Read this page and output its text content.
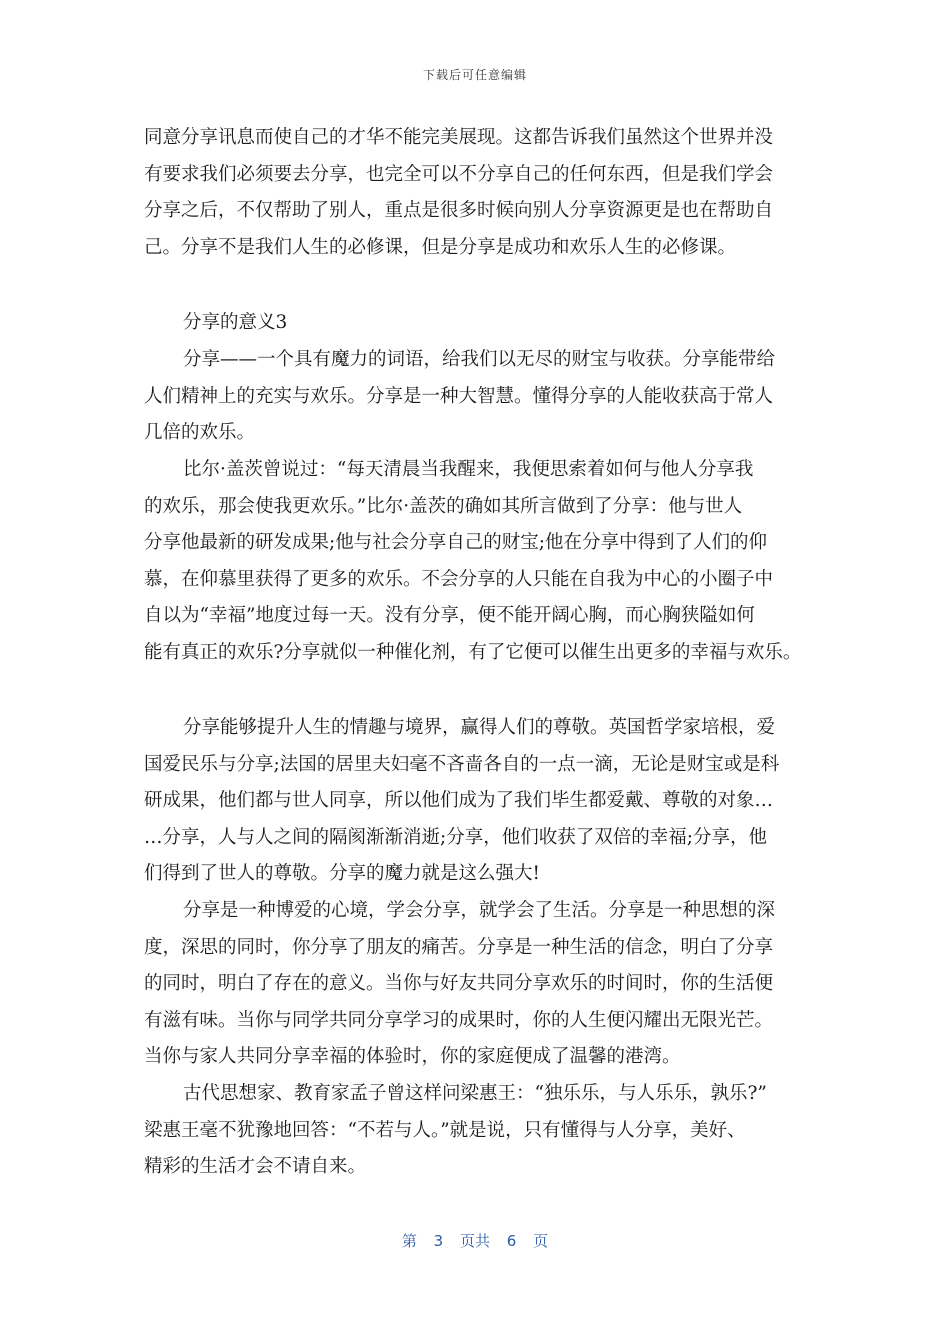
下载后可任意编辑

同意分享讯息而使自己的才华不能完美展现。这都告诉我们虽然这个世界并没

有要求我们必须要去分享，也完全可以不分享自己的任何东西，但是我们学会

分享之后，不仅帮助了别人，重点是很多时候向别人分享资源更是也在帮助自

己。分享不是我们人生的必修课，但是分享是成功和欢乐人生的必修课。

分享的意义3

分享——一个具有魔力的词语，给我们以无尽的财宝与收获。分享能带给

人们精神上的充实与欢乐。分享是一种大智慧。懂得分享的人能收获高于常人

几倍的欢乐。

比尔·盖茨曾说过：“每天清晨当我醒来，我便思索着如何与他人分享我

的欢乐，那会使我更欢乐。”比尔·盖茨的确如其所言做到了分享：他与世人

分享他最新的研发成果;他与社会分享自己的财宝;他在分享中得到了人们的仰

慕，在仰慕里获得了更多的欢乐。不会分享的人只能在自我为中心的小圈子中

自以为“幸福”地度过每一天。没有分享，便不能开阔心胸，而心胸狭隘如何

能有真正的欢乐?分享就似一种催化剂，有了它便可以催生出更多的幸福与欢乐。

分享能够提升人生的情趣与境界，赢得人们的尊敬。英国哲学家培根，爱

国爱民乐与分享;法国的居里夫妇毫不吝啬各自的一点一滴，无论是财宝或是科

研成果，他们都与世人同享，所以他们成为了我们毕生都爱戴、尊敬的对象…

…分享，人与人之间的隔阂渐渐消逝;分享，他们收获了双倍的幸福;分享，他

们得到了世人的尊敬。分享的魔力就是这么强大!

分享是一种博爱的心境，学会分享，就学会了生活。分享是一种思想的深

度，深思的同时，你分享了朋友的痛苦。分享是一种生活的信念，明白了分享

的同时，明白了存在的意义。当你与好友共同分享欢乐的时间时，你的生活便

有滋有味。当你与同学共同分享学习的成果时，你的人生便闪耀出无限光芒。

当你与家人共同分享幸福的体验时，你的家庭便成了温馨的港湾。

古代思想家、教育家孟子曾这样问梁惠王：“独乐乐，与人乐乐，孰乐?”

梁惠王毫不犹豫地回答：“不若与人。”就是说，只有懂得与人分享，美好、

精彩的生活才会不请自来。

第 3 页共 6 页
